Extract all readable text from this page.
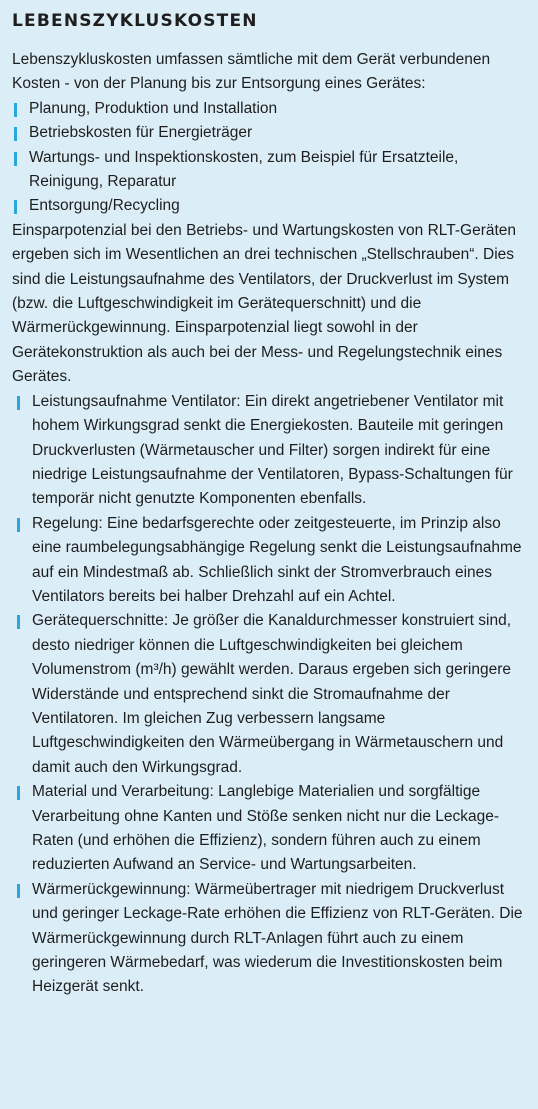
LEBENSZYKLUSKOSTEN

Lebenszykluskosten umfassen sämtliche mit dem Gerät verbundenen Kosten - von der Planung bis zur Entsorgung eines Gerätes:

Planung, Produktion und Installation
Betriebskosten für Energieträger
Wartungs- und Inspektionskosten, zum Beispiel für Ersatzteile, Reinigung, Reparatur
Entsorgung/Recycling

Einsparpotenzial bei den Betriebs- und Wartungskosten von RLT-Geräten ergeben sich im Wesentlichen an drei technischen „Stellschrauben“. Dies sind die Leistungsaufnahme des Ventilators, der Druckverlust im System (bzw. die Luftgeschwindigkeit im Gerätequerschnitt) und die Wärmerückgewinnung. Einsparpotenzial liegt sowohl in der Gerätekonstruktion als auch bei der Mess- und Regelungstechnik eines Gerätes.

Leistungsaufnahme Ventilator: Ein direkt angetriebener Ventilator mit hohem Wirkungsgrad senkt die Energiekosten. Bauteile mit geringen Druckverlusten (Wärmetauscher und Filter) sorgen indirekt für eine niedrige Leistungsaufnahme der Ventilatoren, Bypass-Schaltungen für temporär nicht genutzte Komponenten ebenfalls.
Regelung: Eine bedarfsgerechte oder zeitgesteuerte, im Prinzip also eine raumbelegungsabhängige Regelung senkt die Leistungsaufnahme auf ein Mindestmaß ab. Schließlich sinkt der Stromverbrauch eines Ventilators bereits bei halber Drehzahl auf ein Achtel.
Gerätequerschnitte: Je größer die Kanaldurchmesser konstruiert sind, desto niedriger können die Luftgeschwindigkeiten bei gleichem Volumenstrom (m³/h) gewählt werden. Daraus ergeben sich geringere Widerstände und entsprechend sinkt die Stromaufnahme der Ventilatoren. Im gleichen Zug verbessern langsame Luftgeschwindigkeiten den Wärmeübergang in Wärmetauschern und damit auch den Wirkungsgrad.
Material und Verarbeitung: Langlebige Materialien und sorgfältige Verarbeitung ohne Kanten und Stöße senken nicht nur die Leckage-Raten (und erhöhen die Effizienz), sondern führen auch zu einem reduzierten Aufwand an Service- und Wartungsarbeiten.
Wärmerückgewinnung: Wärmeübertrager mit niedrigem Druckverlust und geringer Leckage-Rate erhöhen die Effizienz von RLT-Geräten. Die Wärmerückgewinnung durch RLT-Anlagen führt auch zu einem geringeren Wärmebedarf, was wiederum die Investitionskosten beim Heizgerät senkt.
